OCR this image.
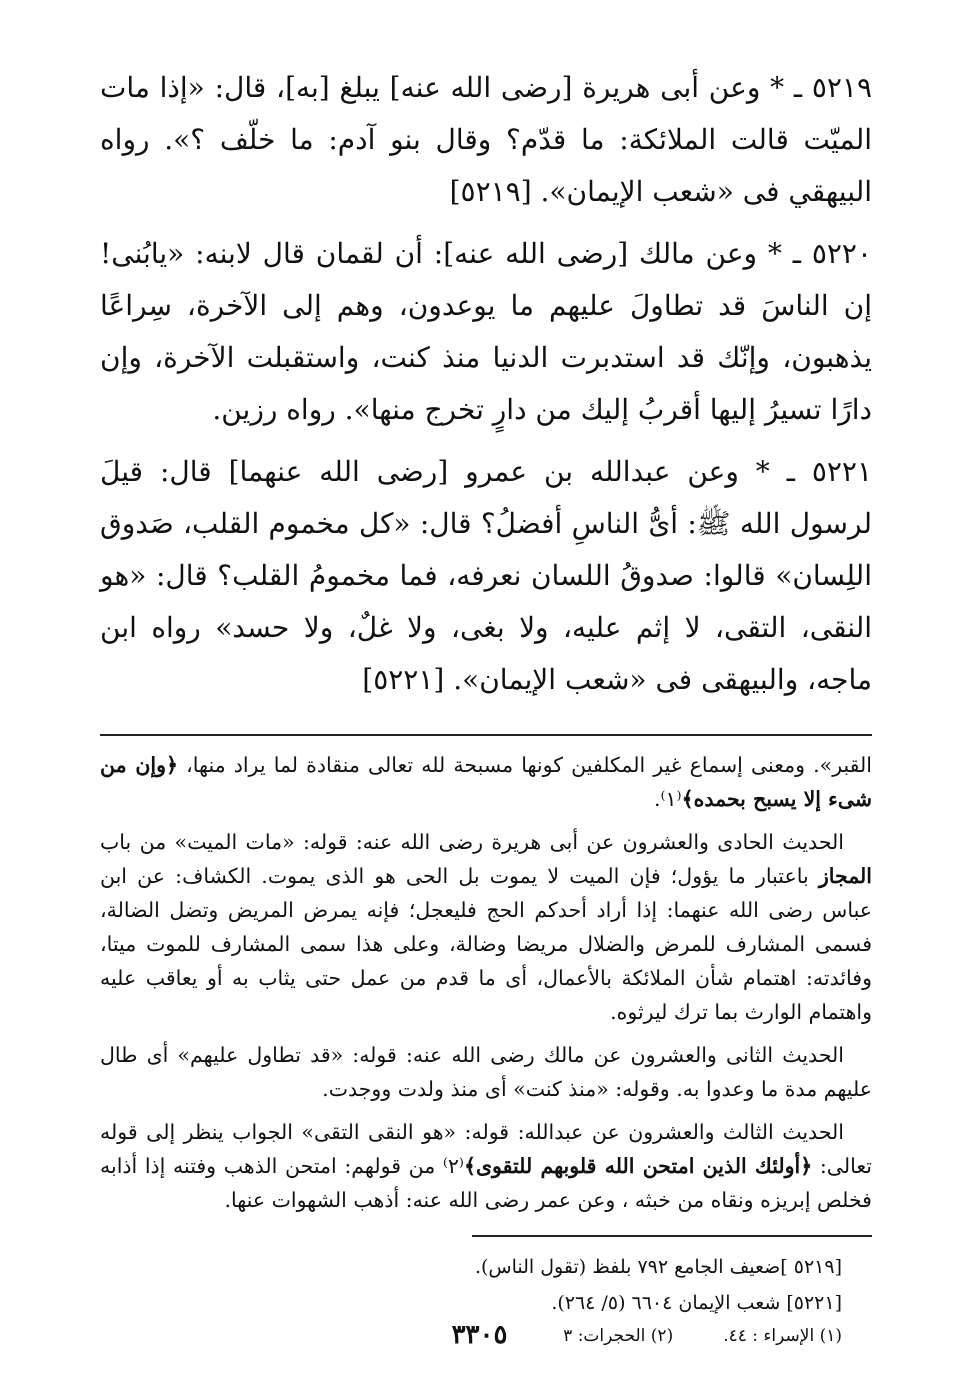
٥٢١٩ ـ * وعن أبى هريرة [رضى الله عنه] يبلغ [به]، قال: «إذا مات الميّت قالت الملائكة: ما قدّم؟ وقال بنو آدم: ما خلّف ؟». رواه البيهقي فى «شعب الإيمان». [٥٢١٩]

٥٢٢٠ ـ * وعن مالك [رضى الله عنه]: أن لقمان قال لابنه: «يابُنى! إن الناسَ قد تطاولَ عليهم ما يوعدون، وهم إلى الآخرة، سِراعًا يذهبون، وإنّك قد استدبرت الدنيا منذ كنت، واستقبلت الآخرة، وإن دارًا تسيرُ إليها أقربُ إليك من دارٍ تخرج منها». رواه رزين.

٥٢٢١ ـ * وعن عبدالله بن عمرو [رضى الله عنهما] قال: قيلَ لرسول الله ﷺ: أىُّ الناسِ أفضلُ؟ قال: «كل مخموم القلب، صَدوق اللِسان» قالوا: صدوقُ اللسان نعرفه، فما مخمومُ القلب؟ قال: «هو النقى، التقى، لا إثم عليه، ولا بغى، ولا غلٌ، ولا حسد» رواه ابن ماجه، والبيهقى فى «شعب الإيمان». [٥٢٢١]

القبر». ومعنى إسماع غير المكلفين كونها مسبحة لله تعالى منقادة لما يراد منها، ﴿وإن من شىء إلا يسبح بحمده﴾⁽١⁾.

الحديث الحادى والعشرون عن أبى هريرة رضى الله عنه: قوله: «مات الميت» من باب المجاز باعتبار ما يؤول؛ فإن الميت لا يموت بل الحى هو الذى يموت. الكشاف: عن ابن عباس رضى الله عنهما: إذا أراد أحدكم الحج فليعجل؛ فإنه يمرض المريض وتضل الضالة، فسمى المشارف للمرض والضلال مريضا وضالة، وعلى هذا سمى المشارف للموت ميتا، وفائدته: اهتمام شأن الملائكة بالأعمال، أى ما قدم من عمل حتى يثاب به أو يعاقب عليه واهتمام الوارث بما ترك ليرثوه.

الحديث الثانى والعشرون عن مالك رضى الله عنه: قوله: «قد تطاول عليهم» أى طال عليهم مدة ما وعدوا به. وقوله: «منذ كنت» أى منذ ولدت ووجدت.

الحديث الثالث والعشرون عن عبدالله: قوله: «هو النقى التقى» الجواب ينظر إلى قوله تعالى: ﴿أولئك الذين امتحن الله قلوبهم للتقوى﴾⁽٢⁾ من قولهم: امتحن الذهب وفتنه إذا أذابه فخلص إبريزه ونقاه من خبثه ، وعن عمر رضى الله عنه: أذهب الشهوات عنها.

[٥٢١٩ ]ضعيف الجامع ٧٩٢ بلفظ (تقول الناس).
[٥٢٢١] شعب الإيمان ٦٦٠٤ (٥/ ٢٦٤).
(١) الإسراء : ٤٤.
(٢) الحجرات: ٣
٣٣٠٥
